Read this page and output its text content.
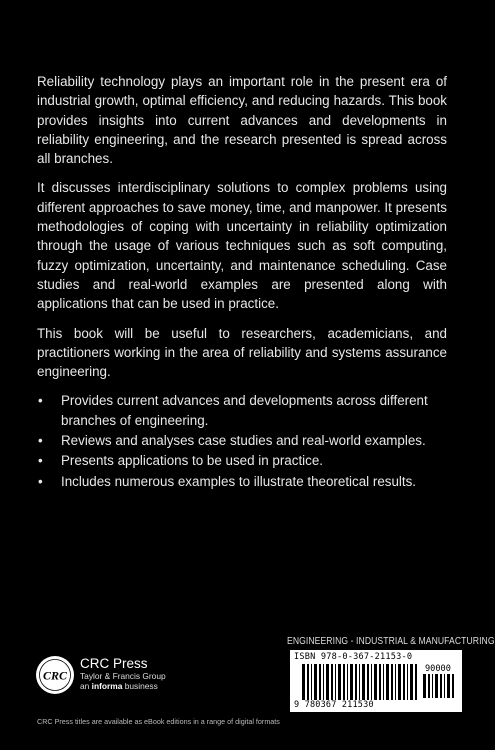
Reliability technology plays an important role in the present era of industrial growth, optimal efficiency, and reducing hazards. This book provides insights into current advances and developments in reliability engineering, and the research presented is spread across all branches.

It discusses interdisciplinary solutions to complex problems using different approaches to save money, time, and manpower. It presents methodologies of coping with uncertainty in reliability optimization through the usage of various techniques such as soft computing, fuzzy optimization, uncertainty, and maintenance scheduling. Case studies and real-world examples are presented along with applications that can be used in practice.

This book will be useful to researchers, academicians, and practitioners working in the area of reliability and systems assurance engineering.

• Provides current advances and developments across different branches of engineering.
• Reviews and analyses case studies and real-world examples.
• Presents applications to be used in practice.
• Includes numerous examples to illustrate theoretical results.
ENGINEERING - INDUSTRIAL & MANUFACTURING
ISBN 978-0-367-21153-0
90000
9 780367 211530
CRC
CRC Press
Taylor & Francis Group
an informa business
CRC Press titles are available as eBook editions in a range of digital formats
